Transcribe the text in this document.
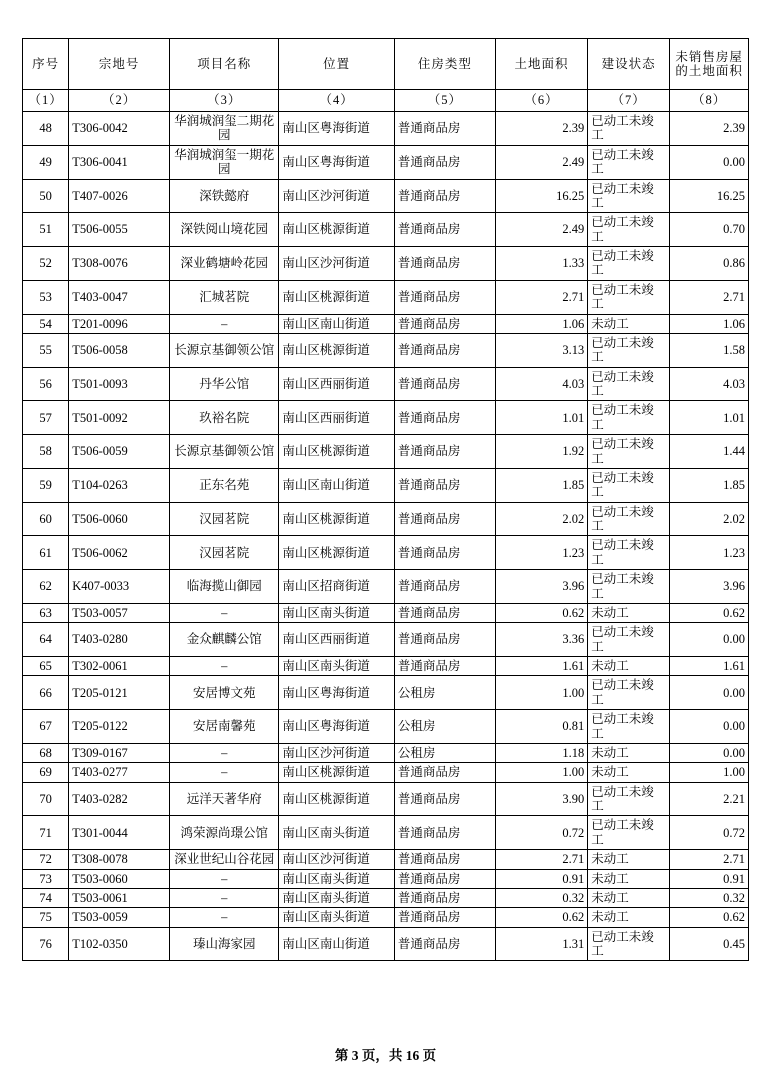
序号	宗地号	项目名称	位置	住房类型	土地面积	建设状态	未销售房屋的土地面积
（1）	（2）	（3）	（4）	（5）	（6）	（7）	（8）
48	T306-0042	华润城润玺二期花园	南山区粤海街道	普通商品房	2.39	已动工未竣工	2.39
49	T306-0041	华润城润玺一期花园	南山区粤海街道	普通商品房	2.49	已动工未竣工	0.00
50	T407-0026	深铁懿府	南山区沙河街道	普通商品房	16.25	已动工未竣工	16.25
51	T506-0055	深铁阅山境花园	南山区桃源街道	普通商品房	2.49	已动工未竣工	0.70
52	T308-0076	深业鹤塘岭花园	南山区沙河街道	普通商品房	1.33	已动工未竣工	0.86
53	T403-0047	汇城茗院	南山区桃源街道	普通商品房	2.71	已动工未竣工	2.71
54	T201-0096	–	南山区南山街道	普通商品房	1.06	未动工	1.06
55	T506-0058	长源京基御领公馆	南山区桃源街道	普通商品房	3.13	已动工未竣工	1.58
56	T501-0093	丹华公馆	南山区西丽街道	普通商品房	4.03	已动工未竣工	4.03
57	T501-0092	玖裕名院	南山区西丽街道	普通商品房	1.01	已动工未竣工	1.01
58	T506-0059	长源京基御领公馆	南山区桃源街道	普通商品房	1.92	已动工未竣工	1.44
59	T104-0263	正东名苑	南山区南山街道	普通商品房	1.85	已动工未竣工	1.85
60	T506-0060	汉园茗院	南山区桃源街道	普通商品房	2.02	已动工未竣工	2.02
61	T506-0062	汉园茗院	南山区桃源街道	普通商品房	1.23	已动工未竣工	1.23
62	K407-0033	临海揽山御园	南山区招商街道	普通商品房	3.96	已动工未竣工	3.96
63	T503-0057	–	南山区南头街道	普通商品房	0.62	未动工	0.62
64	T403-0280	金众麒麟公馆	南山区西丽街道	普通商品房	3.36	已动工未竣工	0.00
65	T302-0061	–	南山区南头街道	普通商品房	1.61	未动工	1.61
66	T205-0121	安居博文苑	南山区粤海街道	公租房	1.00	已动工未竣工	0.00
67	T205-0122	安居南馨苑	南山区粤海街道	公租房	0.81	已动工未竣工	0.00
68	T309-0167	–	南山区沙河街道	公租房	1.18	未动工	0.00
69	T403-0277	–	南山区桃源街道	普通商品房	1.00	未动工	1.00
70	T403-0282	远洋天著华府	南山区桃源街道	普通商品房	3.90	已动工未竣工	2.21
71	T301-0044	鸿荣源尚璟公馆	南山区南头街道	普通商品房	0.72	已动工未竣工	0.72
72	T308-0078	深业世纪山谷花园	南山区沙河街道	普通商品房	2.71	未动工	2.71
73	T503-0060	–	南山区南头街道	普通商品房	0.91	未动工	0.91
74	T503-0061	–	南山区南头街道	普通商品房	0.32	未动工	0.32
75	T503-0059	–	南山区南头街道	普通商品房	0.62	未动工	0.62
76	T102-0350	瑧山海家园	南山区南山街道	普通商品房	1.31	已动工未竣工	0.45
第 3 页，共 16 页
